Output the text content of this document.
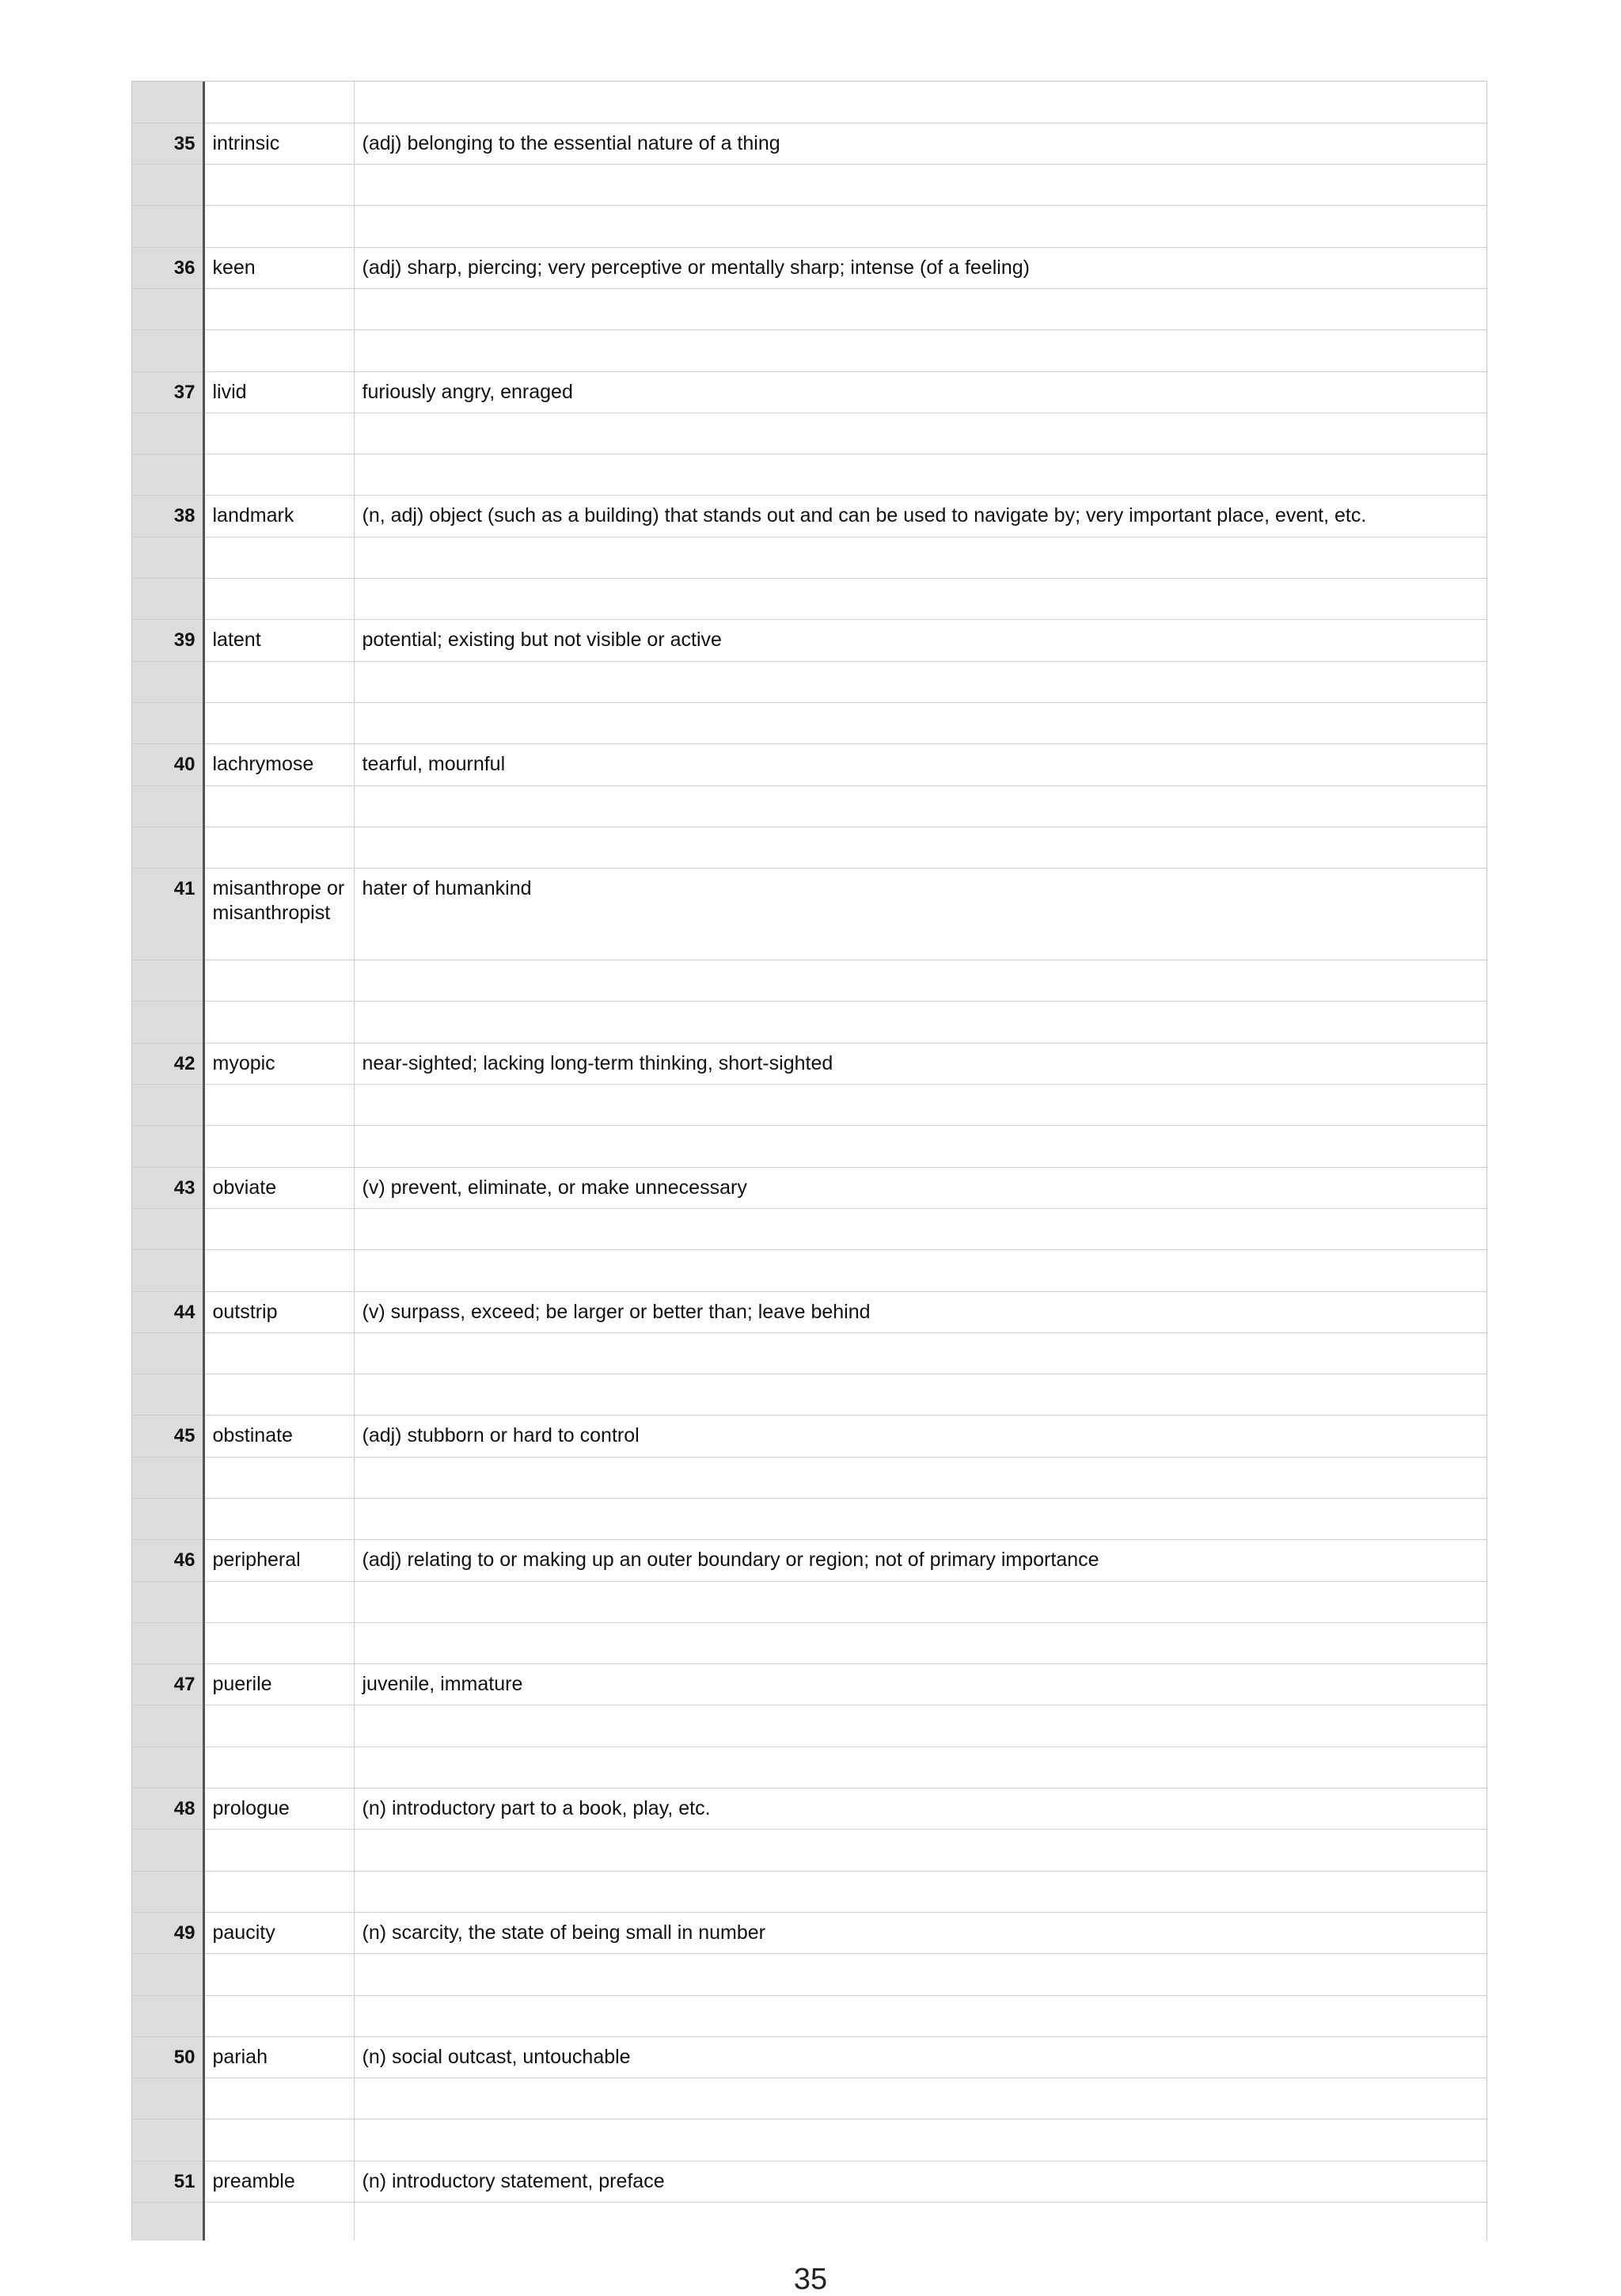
35	intrinsic	(adj) belonging to the essential nature of a thing

36	keen	(adj) sharp, piercing; very perceptive or mentally sharp; intense (of a feeling)

37	livid	furiously angry, enraged

38	landmark	(n, adj) object (such as a building) that stands out and can be used to navigate by; very important place, event, etc.

39	latent	potential; existing but not visible or active

40	lachrymose	tearful, mournful

41	misanthrope or misanthropist	hater of humankind

42	myopic	near-sighted; lacking long-term thinking, short-sighted

43	obviate	(v) prevent, eliminate, or make unnecessary

44	outstrip	(v) surpass, exceed; be larger or better than; leave behind

45	obstinate	(adj) stubborn or hard to control

46	peripheral	(adj) relating to or making up an outer boundary or region; not of primary importance

47	puerile	juvenile, immature

48	prologue	(n) introductory part to a book, play, etc.

49	paucity	(n) scarcity, the state of being small in number

50	pariah	(n) social outcast, untouchable

51	preamble	(n) introductory statement, preface

35
